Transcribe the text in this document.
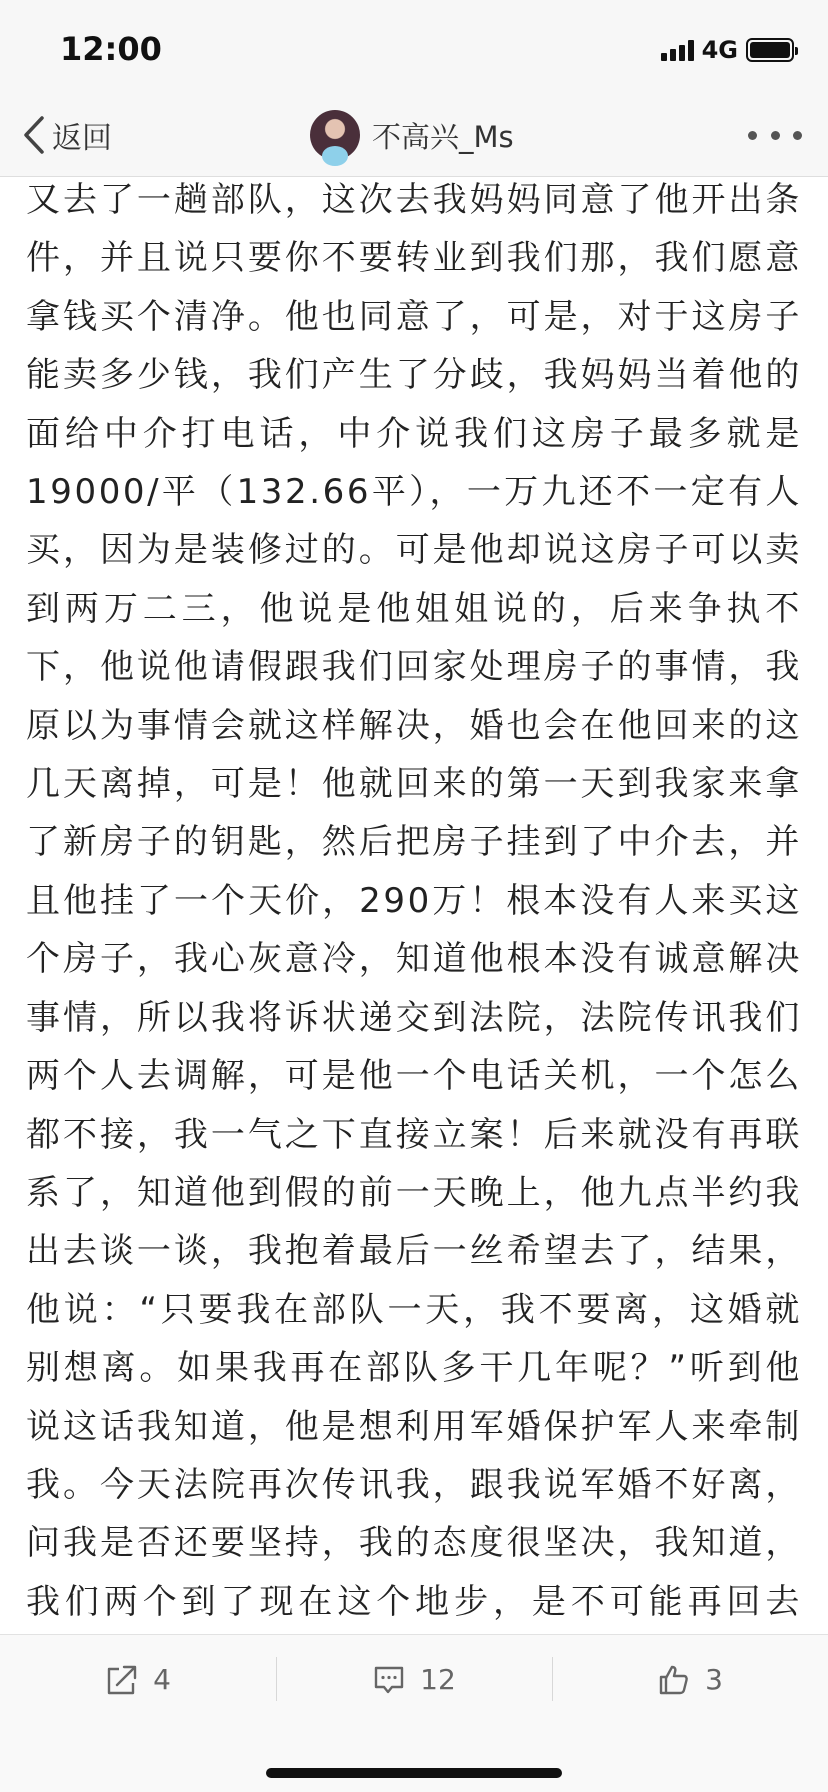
12:00	4G
返回	不高兴_Ms

又去了一趟部队，这次去我妈妈同意了他开出条件，并且说只要你不要转业到我们那，我们愿意拿钱买个清净。他也同意了，可是，对于这房子能卖多少钱，我们产生了分歧，我妈妈当着他的面给中介打电话，中介说我们这房子最多就是19000/平（132.66平），一万九还不一定有人买，因为是装修过的。可是他却说这房子可以卖到两万二三，他说是他姐姐说的，后来争执不下，他说他请假跟我们回家处理房子的事情，我原以为事情会就这样解决，婚也会在他回来的这几天离掉，可是！他就回来的第一天到我家来拿了新房子的钥匙，然后把房子挂到了中介去，并且他挂了一个天价，290万！根本没有人来买这个房子，我心灰意冷，知道他根本没有诚意解决事情，所以我将诉状递交到法院，法院传讯我们两个人去调解，可是他一个电话关机，一个怎么都不接，我一气之下直接立案！后来就没有再联系了，知道他到假的前一天晚上，他九点半约我出去谈一谈，我抱着最后一丝希望去了，结果，他说：“只要我在部队一天，我不要离，这婚就别想离。如果我再在部队多干几年呢？”听到他说这话我知道，他是想利用军婚保护军人来牵制我。今天法院再次传讯我，跟我说军婚不好离，问我是否还要坚持，我的态度很坚决，我知道，我们两个到了现在这个地步，是不可能再回去

4	12	3
